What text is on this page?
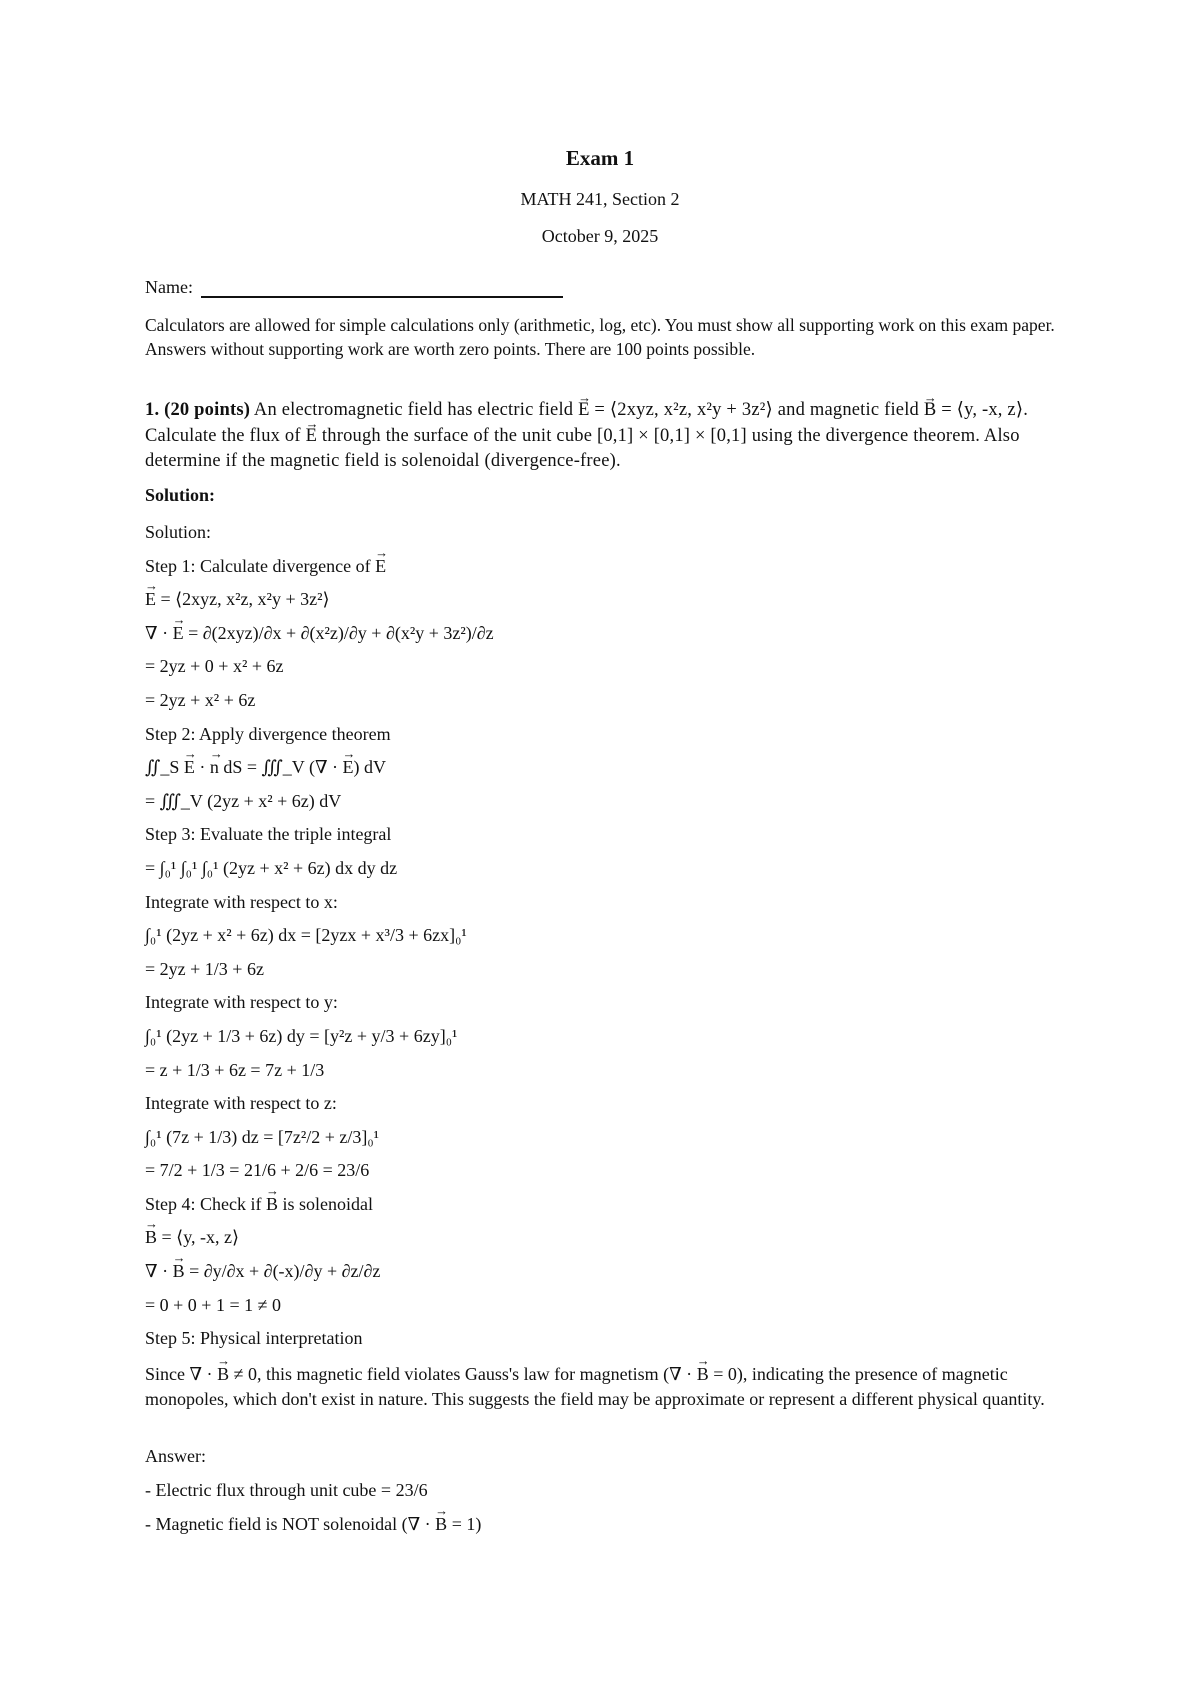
Exam 1
MATH 241, Section 2
October 9, 2025
Name:
Calculators are allowed for simple calculations only (arithmetic, log, etc). You must show all supporting work on this exam paper. Answers without supporting work are worth zero points. There are 100 points possible.
1. (20 points) An electromagnetic field has electric field → E = ⟨2xyz, x²z, x²y + 3z²⟩ and magnetic field → B = ⟨y, -x, z⟩. Calculate the flux of → E through the surface of the unit cube [0,1] × [0,1] × [0,1] using the divergence theorem. Also determine if the magnetic field is solenoidal (divergence-free).
Solution:
Solution:
Step 1: Calculate divergence of → E
→ E = ⟨2xyz, x²z, x²y + 3z²⟩
∇ · → E = ∂(2xyz)/∂x + ∂(x²z)/∂y + ∂(x²y + 3z²)/∂z
= 2yz + 0 + x² + 6z
= 2yz + x² + 6z
Step 2: Apply divergence theorem
∬_S → E · → n dS = ∭_V (∇ · → E) dV
= ∭_V (2yz + x² + 6z) dV
Step 3: Evaluate the triple integral
= ∫₀¹ ∫₀¹ ∫₀¹ (2yz + x² + 6z) dx dy dz
Integrate with respect to x:
∫₀¹ (2yz + x² + 6z) dx = [2yzx + x³/3 + 6zx]₀¹
= 2yz + 1/3 + 6z
Integrate with respect to y:
∫₀¹ (2yz + 1/3 + 6z) dy = [y²z + y/3 + 6zy]₀¹
= z + 1/3 + 6z = 7z + 1/3
Integrate with respect to z:
∫₀¹ (7z + 1/3) dz = [7z²/2 + z/3]₀¹
= 7/2 + 1/3 = 21/6 + 2/6 = 23/6
Step 4: Check if → B is solenoidal
→ B = ⟨y, -x, z⟩
∇ · → B = ∂y/∂x + ∂(-x)/∂y + ∂z/∂z
= 0 + 0 + 1 = 1 ≠ 0
Step 5: Physical interpretation
Since ∇ · → B ≠ 0, this magnetic field violates Gauss's law for magnetism (∇ · → B = 0), indicating the presence of magnetic monopoles, which don't exist in nature. This suggests the field may be approximate or represent a different physical quantity.
Answer:
- Electric flux through unit cube = 23/6
- Magnetic field is NOT solenoidal (∇ · → B = 1)
